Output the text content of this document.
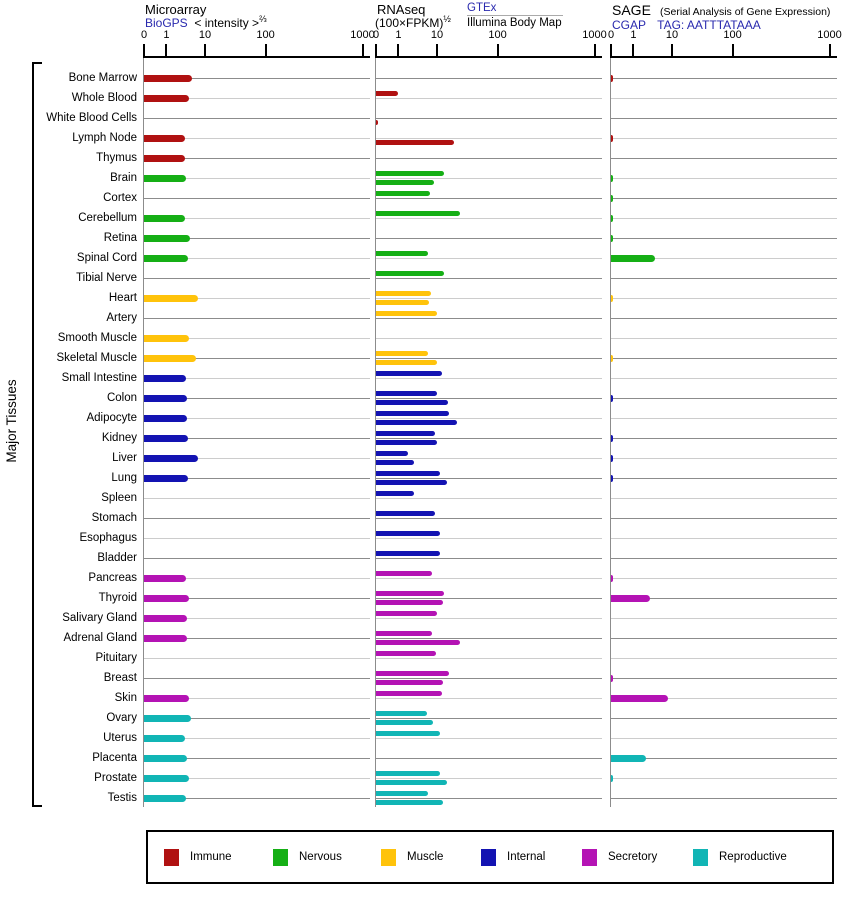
Microarray
BioGPS < intensity >$^{\frac{2}{3}}$
RNAseq
(100×FPKM)$^{\frac{1}{2}}$
GTEx
Illumina Body Map
SAGE (Serial Analysis of Gene Expression)
CGAP TAG: AATTTATAAA
Major Tissues
Bone Marrow
Whole Blood
White Blood Cells
Lymph Node
Thymus
Brain
Cortex
Cerebellum
Retina
Spinal Cord
Tibial Nerve
Heart
Artery
Smooth Muscle
Skeletal Muscle
Small Intestine
Colon
Adipocyte
Kidney
Liver
Lung
Spleen
Stomach
Esophagus
Bladder
Pancreas
Thyroid
Salivary Gland
Adrenal Gland
Pituitary
Breast
Skin
Ovary
Uterus
Placenta
Prostate
Testis
0	1	10	100	1000
0	1	10	100	1000 0	1	10	100	1000
Immune	Nervous	Muscle	Internal	Secretory	Reproductive
